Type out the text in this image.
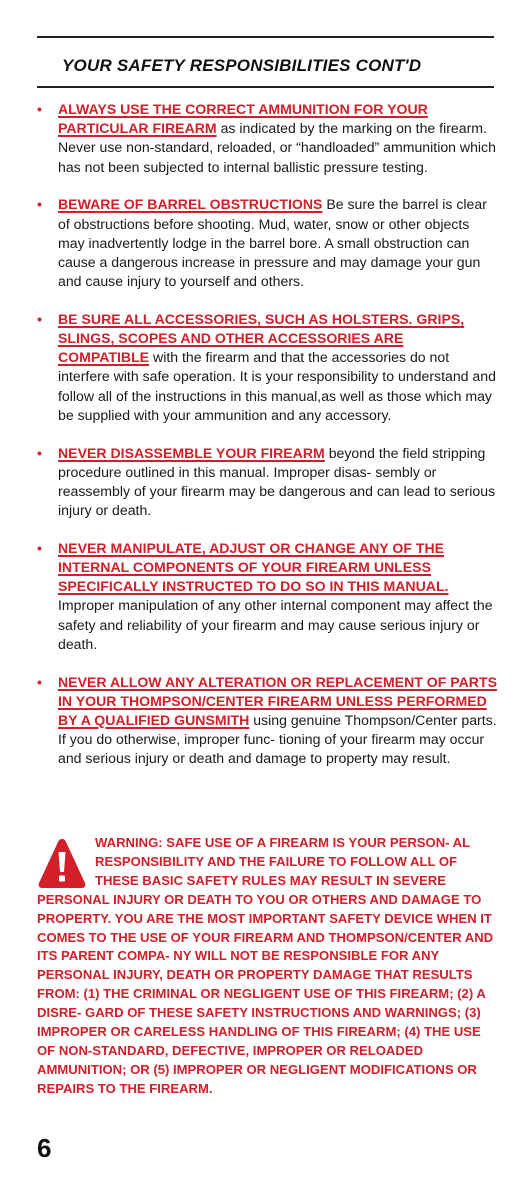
YOUR SAFETY RESPONSIBILITIES CONT'D
• ALWAYS USE THE CORRECT AMMUNITION FOR YOUR PARTICULAR FIREARM as indicated by the marking on the firearm. Never use non-standard, reloaded, or “handloaded” ammunition which has not been subjected to internal ballistic pressure testing.
• BEWARE OF BARREL OBSTRUCTIONS Be sure the barrel is clear of obstructions before shooting. Mud, water, snow or other objects may inadvertently lodge in the barrel bore. A small obstruction can cause a dangerous increase in pressure and may damage your gun and cause injury to yourself and others.
• BE SURE ALL ACCESSORIES, SUCH AS HOLSTERS. GRIPS, SLINGS, SCOPES AND OTHER ACCESSORIES ARE COMPATIBLE with the firearm and that the accessories do not interfere with safe operation. It is your responsibility to understand and follow all of the instructions in this manual,as well as those which may be supplied with your ammunition and any accessory.
• NEVER DISASSEMBLE YOUR FIREARM beyond the field stripping procedure outlined in this manual. Improper disas- sembly or reassembly of your firearm may be dangerous and can lead to serious injury or death.
• NEVER MANIPULATE, ADJUST OR CHANGE ANY OF THE INTERNAL COMPONENTS OF YOUR FIREARM UNLESS SPECIFICALLY INSTRUCTED TO DO SO IN THIS MANUAL. Improper manipulation of any other internal component may affect the safety and reliability of your firearm and may cause serious injury or death.
• NEVER ALLOW ANY ALTERATION OR REPLACEMENT OF PARTS IN YOUR THOMPSON/CENTER FIREARM UNLESS PERFORMED BY A QUALIFIED GUNSMITH using genuine Thompson/Center parts. If you do otherwise, improper func- tioning of your firearm may occur and serious injury or death and damage to property may result.
WARNING: SAFE USE OF A FIREARM IS YOUR PERSON- AL RESPONSIBILITY AND THE FAILURE TO FOLLOW ALL OF THESE BASIC SAFETY RULES MAY RESULT IN SEVERE PERSONAL INJURY OR DEATH TO YOU OR OTHERS AND DAMAGE TO PROPERTY. YOU ARE THE MOST IMPORTANT SAFETY DEVICE WHEN IT COMES TO THE USE OF YOUR FIREARM AND THOMPSON/CENTER AND ITS PARENT COMPA- NY WILL NOT BE RESPONSIBLE FOR ANY PERSONAL INJURY, DEATH OR PROPERTY DAMAGE THAT RESULTS FROM: (1) THE CRIMINAL OR NEGLIGENT USE OF THIS FIREARM; (2) A DISRE- GARD OF THESE SAFETY INSTRUCTIONS AND WARNINGS; (3) IMPROPER OR CARELESS HANDLING OF THIS FIREARM; (4) THE USE OF NON-STANDARD, DEFECTIVE, IMPROPER OR RELOADED AMMUNITION; OR (5) IMPROPER OR NEGLIGENT MODIFICATIONS OR REPAIRS TO THE FIREARM.
6
